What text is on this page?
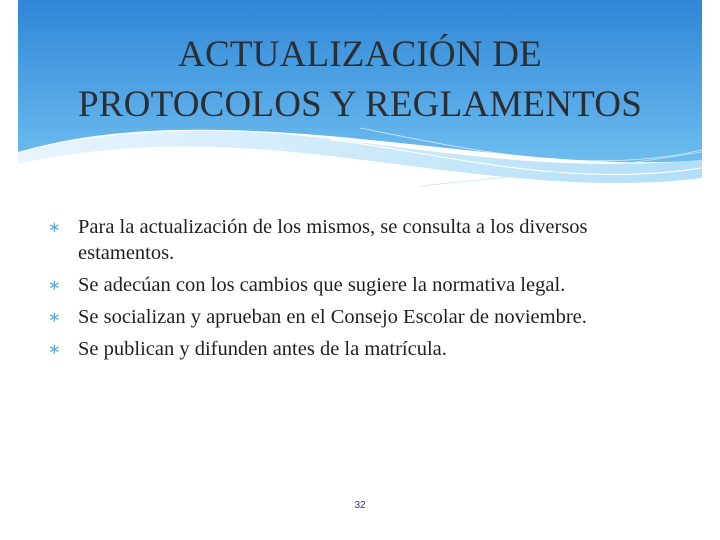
ACTUALIZACIÓN DE
PROTOCOLOS Y REGLAMENTOS
∗ Para la actualización de los mismos, se consulta a los diversos estamentos.
∗ Se adecúan con los cambios que sugiere la normativa legal.
∗ Se socializan y aprueban en el Consejo Escolar de noviembre.
∗ Se publican y difunden antes de la matrícula.
32
